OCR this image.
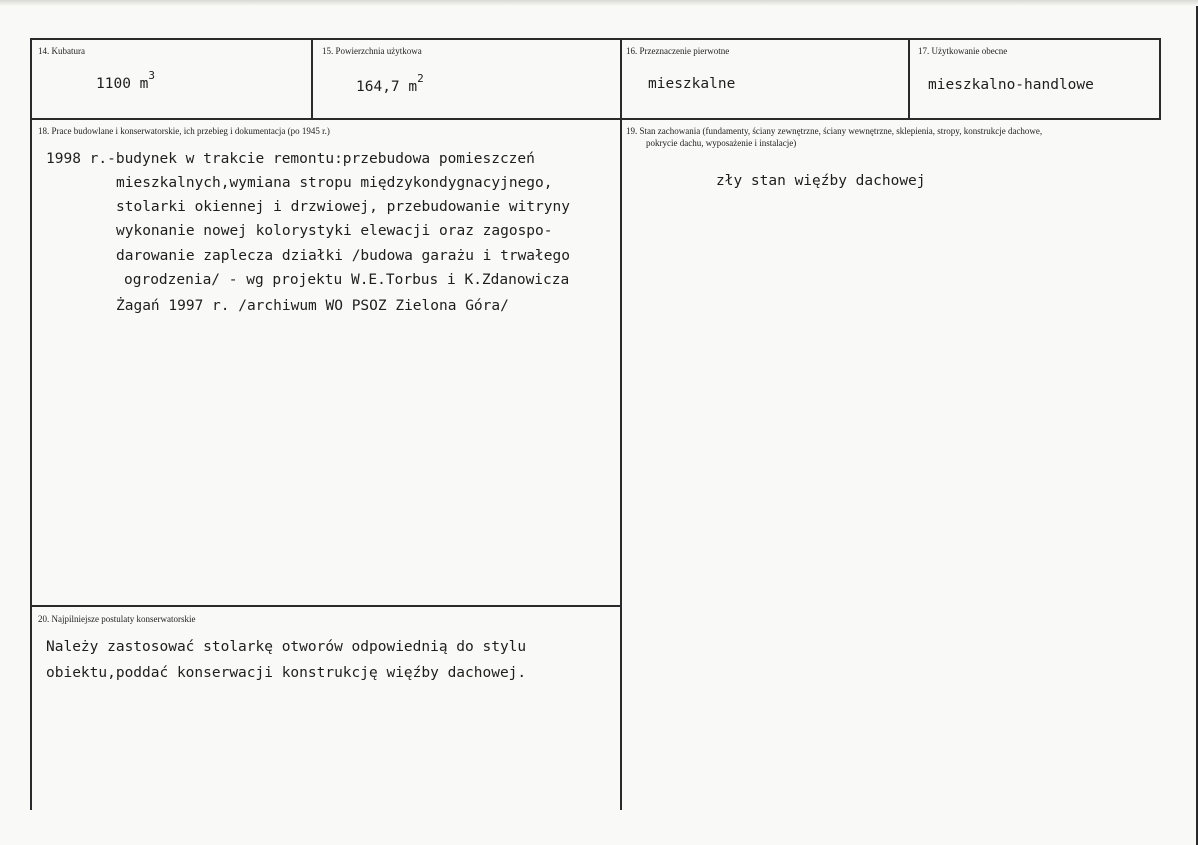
14. Kubatura
1100 $m^3$
15. Powierzchnia użytkowa
164,7 $m^2$
16. Przeznaczenie pierwotne
mieszkalne
17. Użytkowanie obecne
mieszkalno-handlowe
18. Prace budowlane i konserwatorskie, ich przebieg i dokumentacja (po 1945 r.)
1998 r.-budynek w trakcie remontu:przebudowa pomieszczeń
mieszkalnych,wymiana stropu międzykondygnacyjnego,
stolarki okiennej i drzwiowej, przebudowanie witryny
wykonanie nowej kolorystyki elewacji oraz zagospo-
darowanie zaplecza działki /budowa garażu i trwałego
ogrodzenia/ - wg projektu W.E.Torbus i K.Zdanowicza
Żagań 1997 r. /archiwum WO PSOZ Zielona Góra/
19. Stan zachowania (fundamenty, ściany zewnętrzne, ściany wewnętrzne, sklepienia, stropy, konstrukcje dachowe,
pokrycie dachu, wyposażenie i instalacje)
zły stan więźby dachowej
20. Najpilniejsze postulaty konserwatorskie
Należy zastosować stolarkę otworów odpowiednią do stylu
obiektu,poddać konserwacji konstrukcję więźby dachowej.
